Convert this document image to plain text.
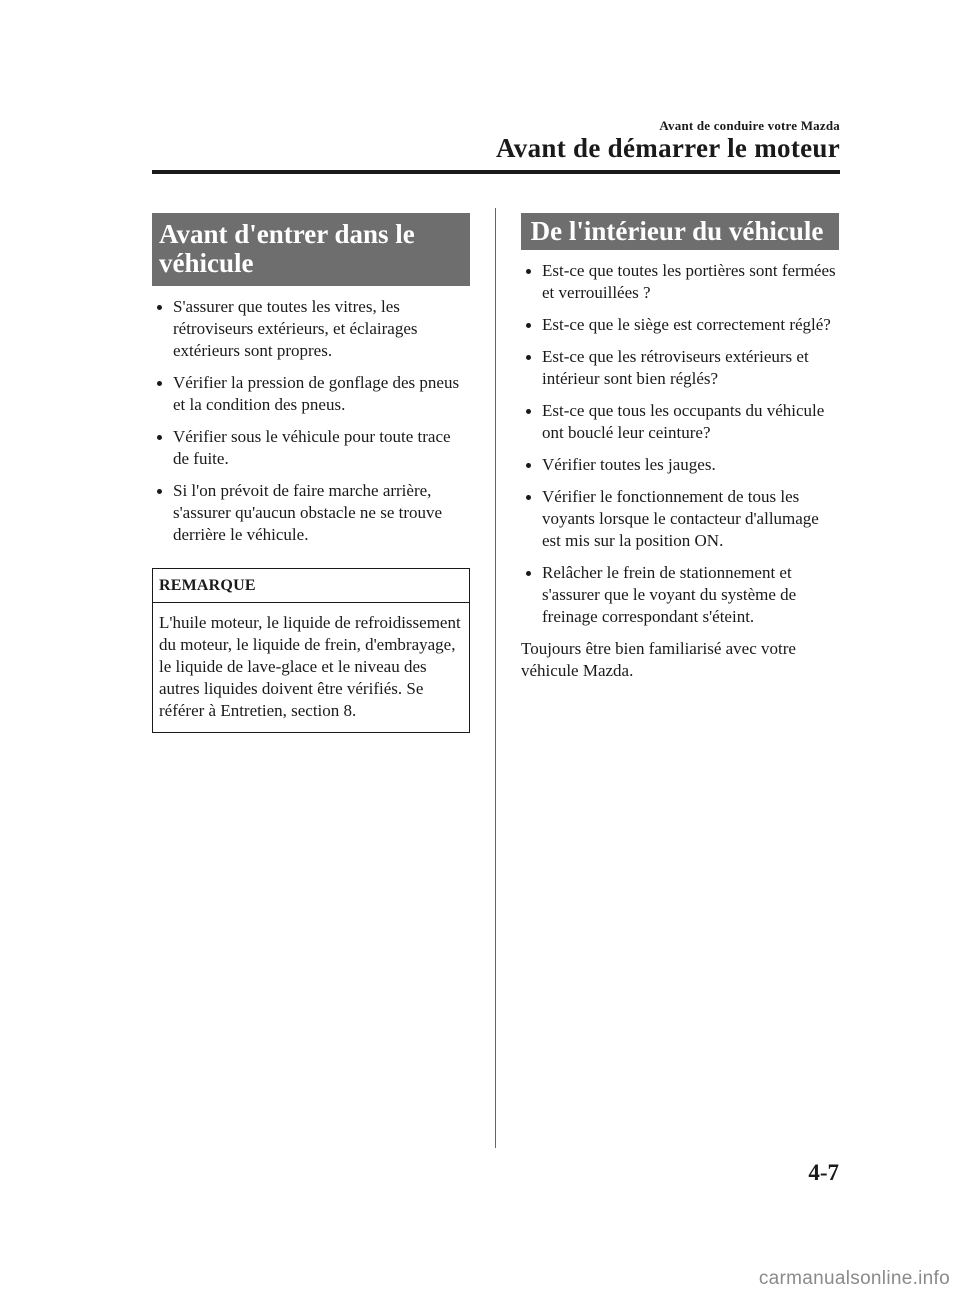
Avant de conduire votre Mazda
Avant de démarrer le moteur
Avant d'entrer dans le véhicule
S'assurer que toutes les vitres, les rétroviseurs extérieurs, et éclairages extérieurs sont propres.
Vérifier la pression de gonflage des pneus et la condition des pneus.
Vérifier sous le véhicule pour toute trace de fuite.
Si l'on prévoit de faire marche arrière, s'assurer qu'aucun obstacle ne se trouve derrière le véhicule.
REMARQUE
L'huile moteur, le liquide de refroidissement du moteur, le liquide de frein, d'embrayage, le liquide de lave-glace et le niveau des autres liquides doivent être vérifiés. Se référer à Entretien, section 8.
De l'intérieur du véhicule
Est-ce que toutes les portières sont fermées et verrouillées ?
Est-ce que le siège est correctement réglé?
Est-ce que les rétroviseurs extérieurs et intérieur sont bien réglés?
Est-ce que tous les occupants du véhicule ont bouclé leur ceinture?
Vérifier toutes les jauges.
Vérifier le fonctionnement de tous les voyants lorsque le contacteur d'allumage est mis sur la position ON.
Relâcher le frein de stationnement et s'assurer que le voyant du système de freinage correspondant s'éteint.

Toujours être bien familiarisé avec votre véhicule Mazda.

4-7
carmanualsonline.info
